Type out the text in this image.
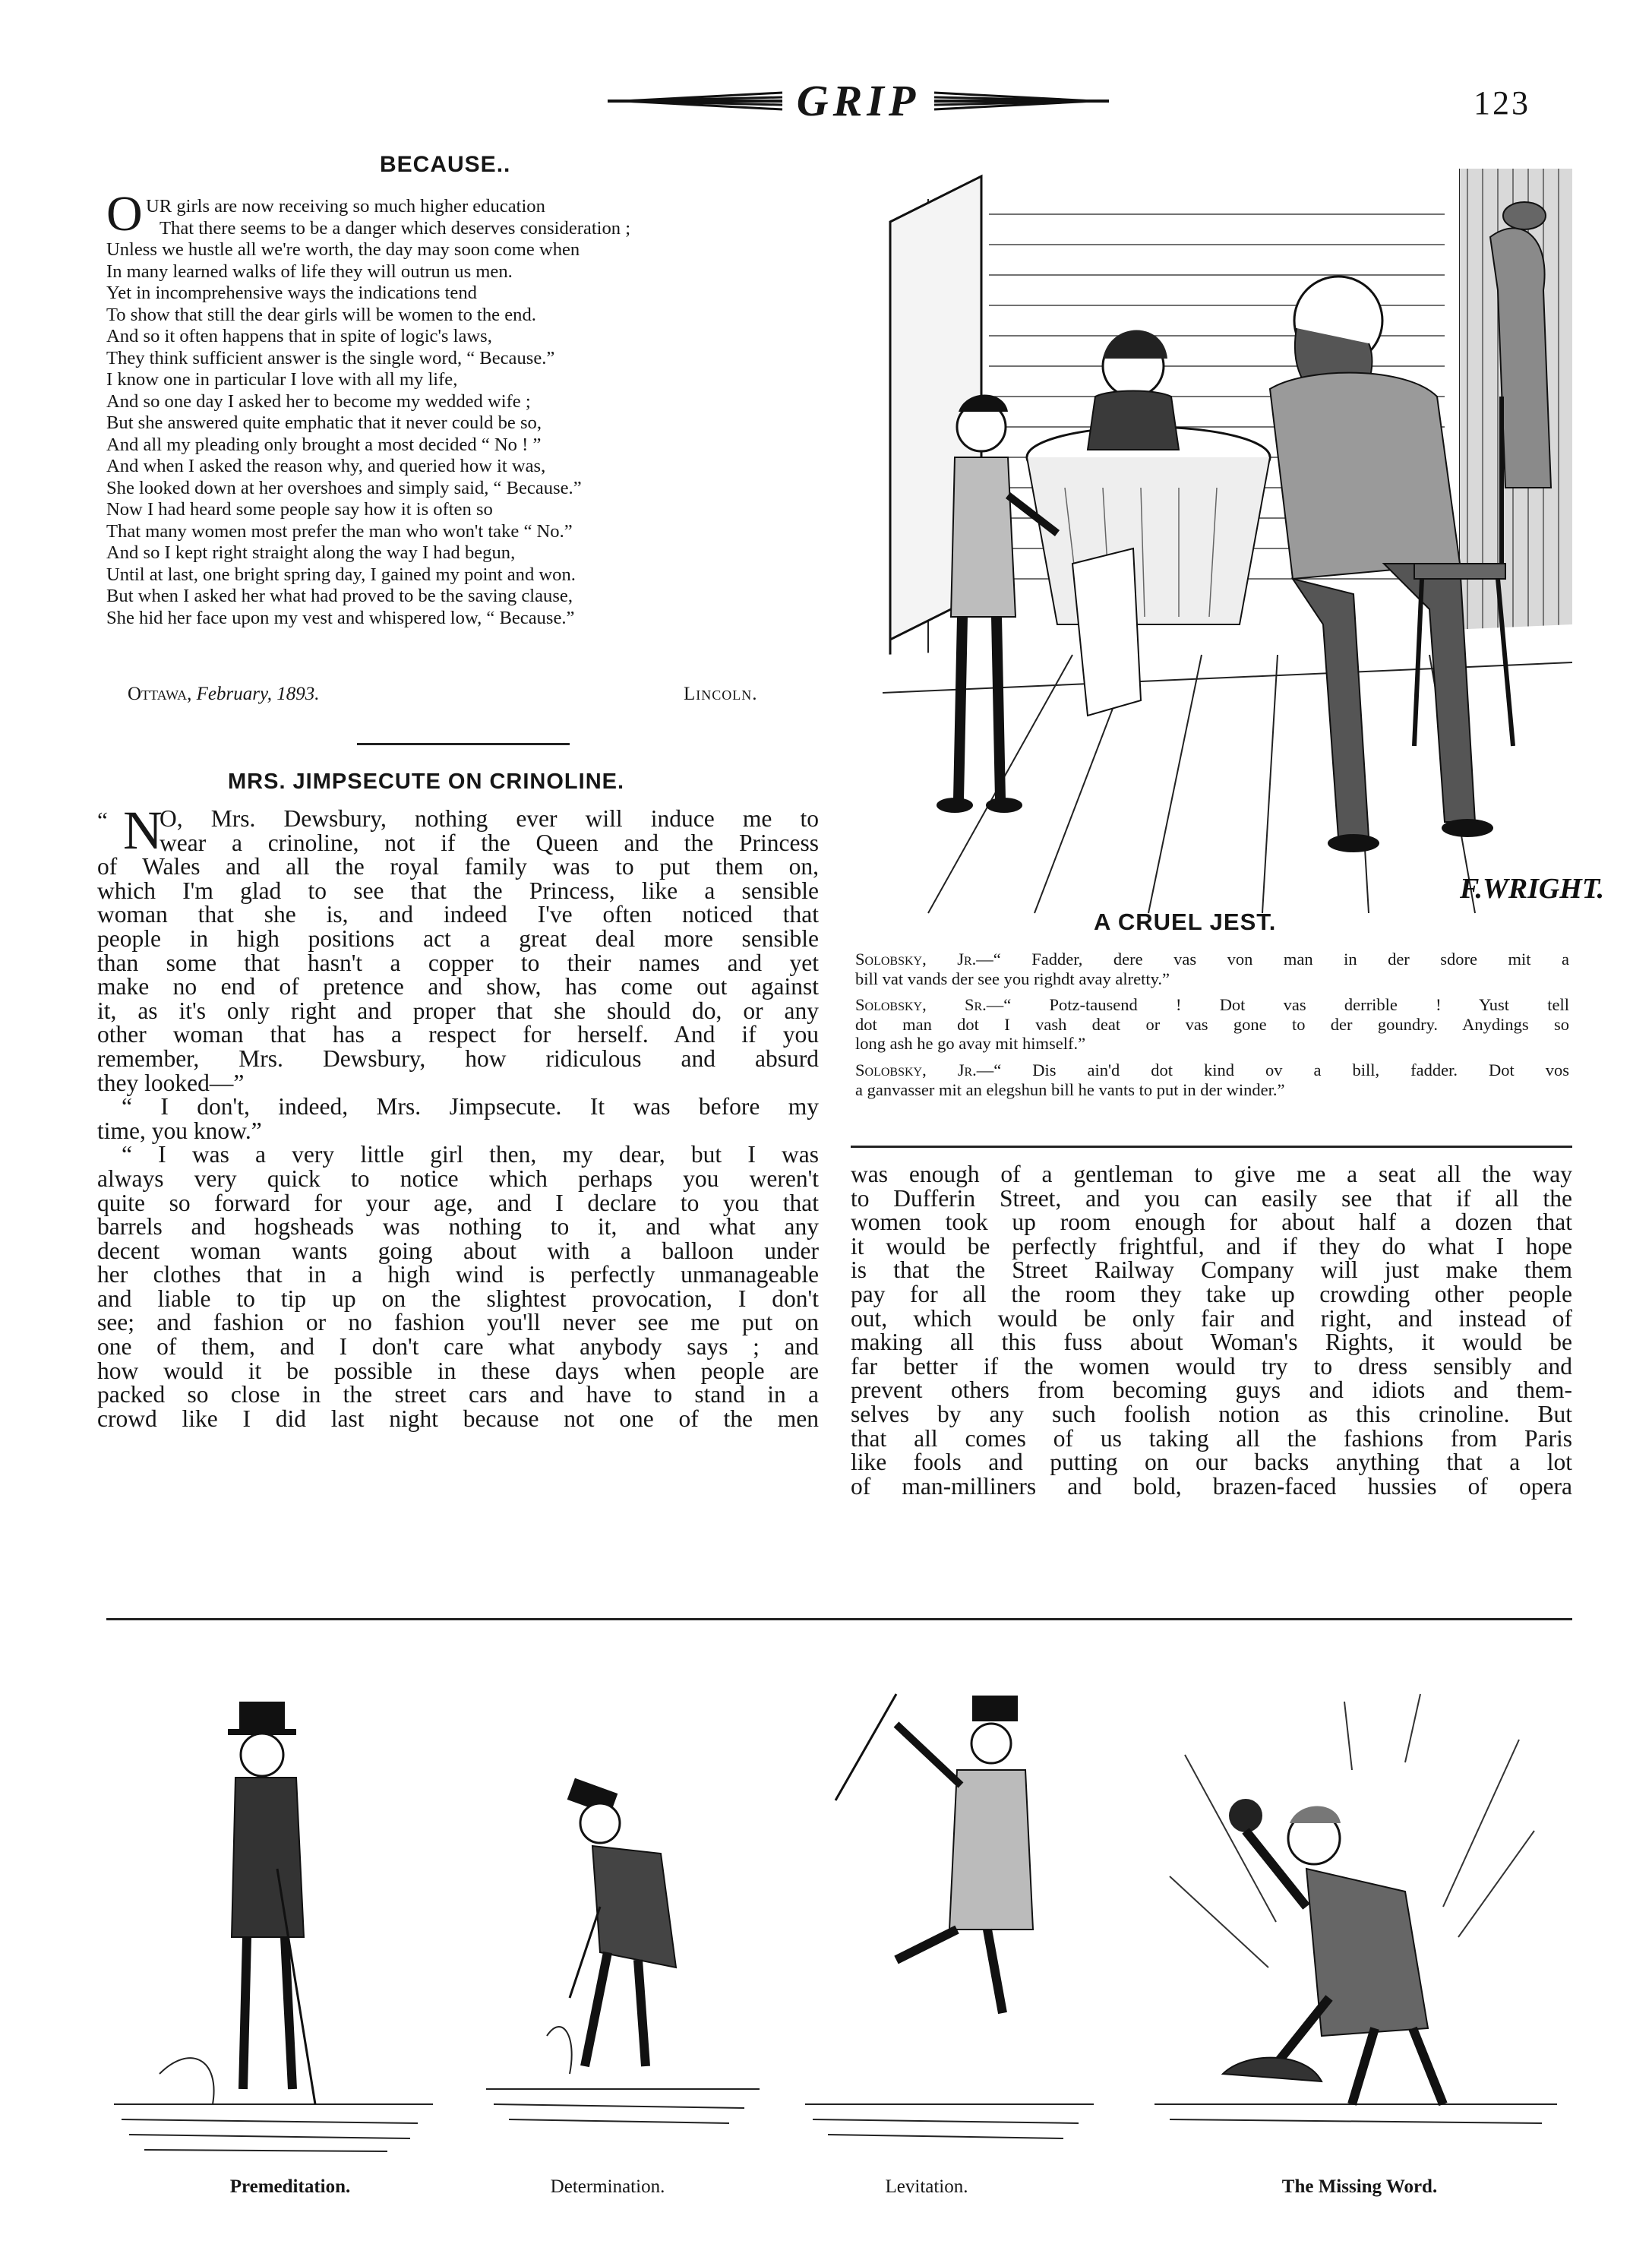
GRIP	123
BECAUSE..
O UR girls are now receiving so much higher education
That there seems to be a danger which deserves consideration ;
Unless we hustle all we're worth, the day may soon come when
In many learned walks of life they will outrun us men.
Yet in incomprehensive ways the indications tend
To show that still the dear girls will be women to the end.
And so it often happens that in spite of logic's laws,
They think sufficient answer is the single word, “ Because.”
I know one in particular I love with all my life,
And so one day I asked her to become my wedded wife ;
But she answered quite emphatic that it never could be so,
And all my pleading only brought a most decided “ No ! ”
And when I asked the reason why, and queried how it was,
She looked down at her overshoes and simply said, “ Because.”
Now I had heard some people say how it is often so
That many women most prefer the man who won't take “ No.”
And so I kept right straight along the way I had begun,
Until at last, one bright spring day, I gained my point and won.
But when I asked her what had proved to be the saving clause,
She hid her face upon my vest and whispered low, “ Because.”
Ottawa, February, 1893.	Lincoln.
MRS. JIMPSECUTE ON CRINOLINE.
“ N
O, Mrs. Dewsbury, nothing ever will induce me to
wear a crinoline, not if the Queen and the Princess
of Wales and all the royal family was to put them on,
which I'm glad to see that the Princess, like a sensible
woman that she is, and indeed I've often noticed that
people in high positions act a great deal more sensible
than some that hasn't a copper to their names and yet
make no end of pretence and show, has come out against
it, as it's only right and proper that she should do, or any
other woman that has a respect for herself. And if you
remember, Mrs. Dewsbury, how ridiculous and absurd
they looked—”
“ I don't, indeed, Mrs. Jimpsecute. It was before my
time, you know.”
“ I was a very little girl then, my dear, but I was
always very quick to notice which perhaps you weren't
quite so forward for your age, and I declare to you that
barrels and hogsheads was nothing to it, and what any
decent woman wants going about with a balloon under
her clothes that in a high wind is perfectly unmanageable
and liable to tip up on the slightest provocation, I don't
see; and fashion or no fashion you'll never see me put on
one of them, and I don't care what anybody says ; and
how would it be possible in these days when people are
packed so close in the street cars and have to stand in a
crowd like I did last night because not one of the men
F.WRIGHT.
A CRUEL JEST.
Solobsky, Jr.—“ Fadder, dere vas von man in der sdore mit a
bill vat vands der see you righdt avay alretty.”
Solobsky, Sr.—“ Potz-tausend ! Dot vas derrible ! Yust tell
dot man dot I vash deat or vas gone to der goundry. Anydings so
long ash he go avay mit himself.”
Solobsky, Jr.—“ Dis ain'd dot kind ov a bill, fadder. Dot vos
a ganvasser mit an elegshun bill he vants to put in der winder.”
was enough of a gentleman to give me a seat all the way
to Dufferin Street, and you can easily see that if all the
women took up room enough for about half a dozen that
it would be perfectly frightful, and if they do what I hope
is that the Street Railway Company will just make them
pay for all the room they take up crowding other people
out, which would be only fair and right, and instead of
making all this fuss about Woman's Rights, it would be
far better if the women would try to dress sensibly and
prevent others from becoming guys and idiots and them-
selves by any such foolish notion as this crinoline. But
that all comes of us taking all the fashions from Paris
like fools and putting on our backs anything that a lot
of man-milliners and bold, brazen-faced hussies of opera
Premeditation.	Determination.	Levitation.	The Missing Word.
